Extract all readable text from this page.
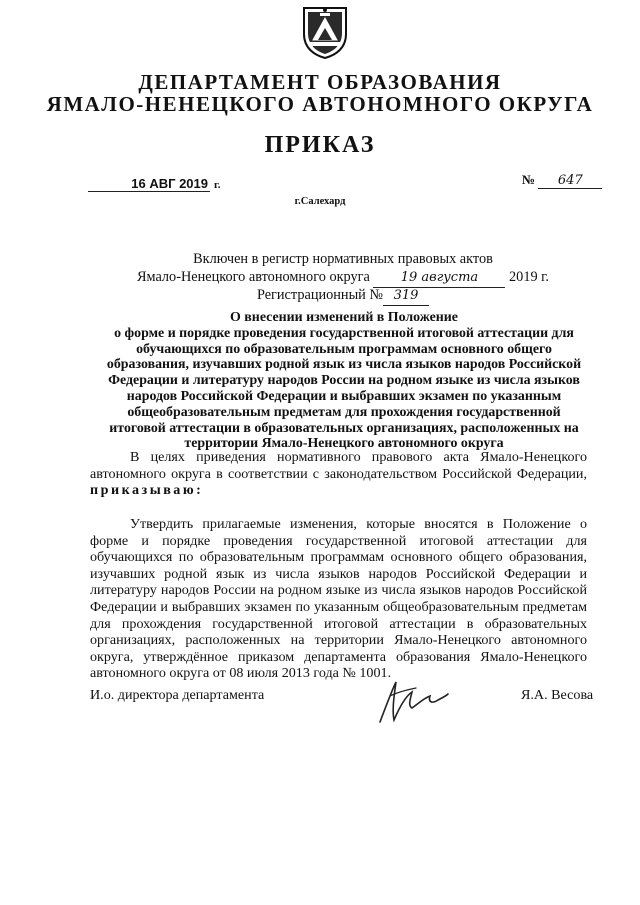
ДЕПАРТАМЕНТ ОБРАЗОВАНИЯ
ЯМАЛО-НЕНЕЦКОГО АВТОНОМНОГО ОКРУГА
ПРИКАЗ
16 АВГ 2019 г.	№ 647
г.Салехард
Включен в регистр нормативных правовых актов
Ямало-Ненецкого автономного округа 19 августа 2019 г.
Регистрационный № 319
О внесении изменений в Положение
о форме и порядке проведения государственной итоговой аттестации для
обучающихся по образовательным программам основного общего
образования, изучавших родной язык из числа языков народов Российской
Федерации и литературу народов России на родном языке из числа языков
народов Российской Федерации и выбравших экзамен по указанным
общеобразовательным предметам для прохождения государственной
итоговой аттестации в образовательных организациях, расположенных на
территории Ямало-Ненецкого автономного округа
В целях приведения нормативного правового акта Ямало-Ненецкого автономного округа в соответствии с законодательством Российской Федерации, приказываю:
Утвердить прилагаемые изменения, которые вносятся в Положение о форме и порядке проведения государственной итоговой аттестации для обучающихся по образовательным программам основного общего образования, изучавших родной язык из числа языков народов Российской Федерации и литературу народов России на родном языке из числа языков народов Российской Федерации и выбравших экзамен по указанным общеобразовательным предметам для прохождения государственной итоговой аттестации в образовательных организациях, расположенных на территории Ямало-Ненецкого автономного округа, утверждённое приказом департамента образования Ямало-Ненецкого автономного округа от 08 июля 2013 года № 1001.
И.о. директора департамента	Я.А. Весова
